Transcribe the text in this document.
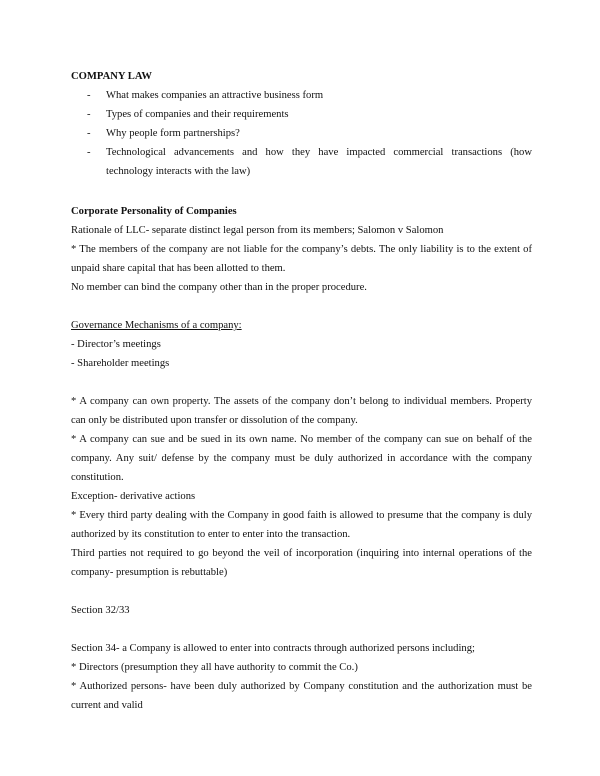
COMPANY LAW
- What makes companies an attractive business form
- Types of companies and their requirements
- Why people form partnerships?
- Technological advancements and how they have impacted commercial transactions (how technology interacts with the law)
Corporate Personality of Companies

Rationale of LLC- separate distinct legal person from its members; Salomon v Salomon

* The members of the company are not liable for the company’s debts. The only liability is to the extent of unpaid share capital that has been allotted to them.

No member can bind the company other than in the proper procedure.

Governance Mechanisms of a company:
- Director’s meetings
- Shareholder meetings

* A company can own property. The assets of the company don’t belong to individual members. Property can only be distributed upon transfer or dissolution of the company.

* A company can sue and be sued in its own name. No member of the company can sue on behalf of the company. Any suit/ defense by the company must be duly authorized in accordance with the company constitution.

Exception- derivative actions

* Every third party dealing with the Company in good faith is allowed to presume that the company is duly authorized by its constitution to enter to enter into the transaction.

Third parties not required to go beyond the veil of incorporation (inquiring into internal operations of the company- presumption is rebuttable)

Section 32/33

Section 34- a Company is allowed to enter into contracts through authorized persons including;

* Directors (presumption they all have authority to commit the Co.)

* Authorized persons- have been duly authorized by Company constitution and the authorization must be current and valid
